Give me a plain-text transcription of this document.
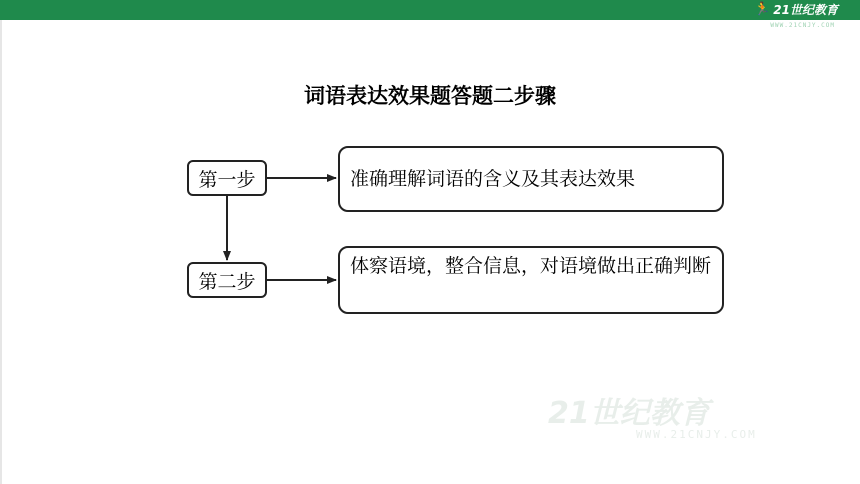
🏃 21世纪教育
WWW.21CNJY.COM
词语表达效果题答题二步骤
第一步	准确理解词语的含义及其表达效果
第二步
体察语境，整合信息，对语境做出正确判断
21世纪教育
WWW.21CNJY.COM
